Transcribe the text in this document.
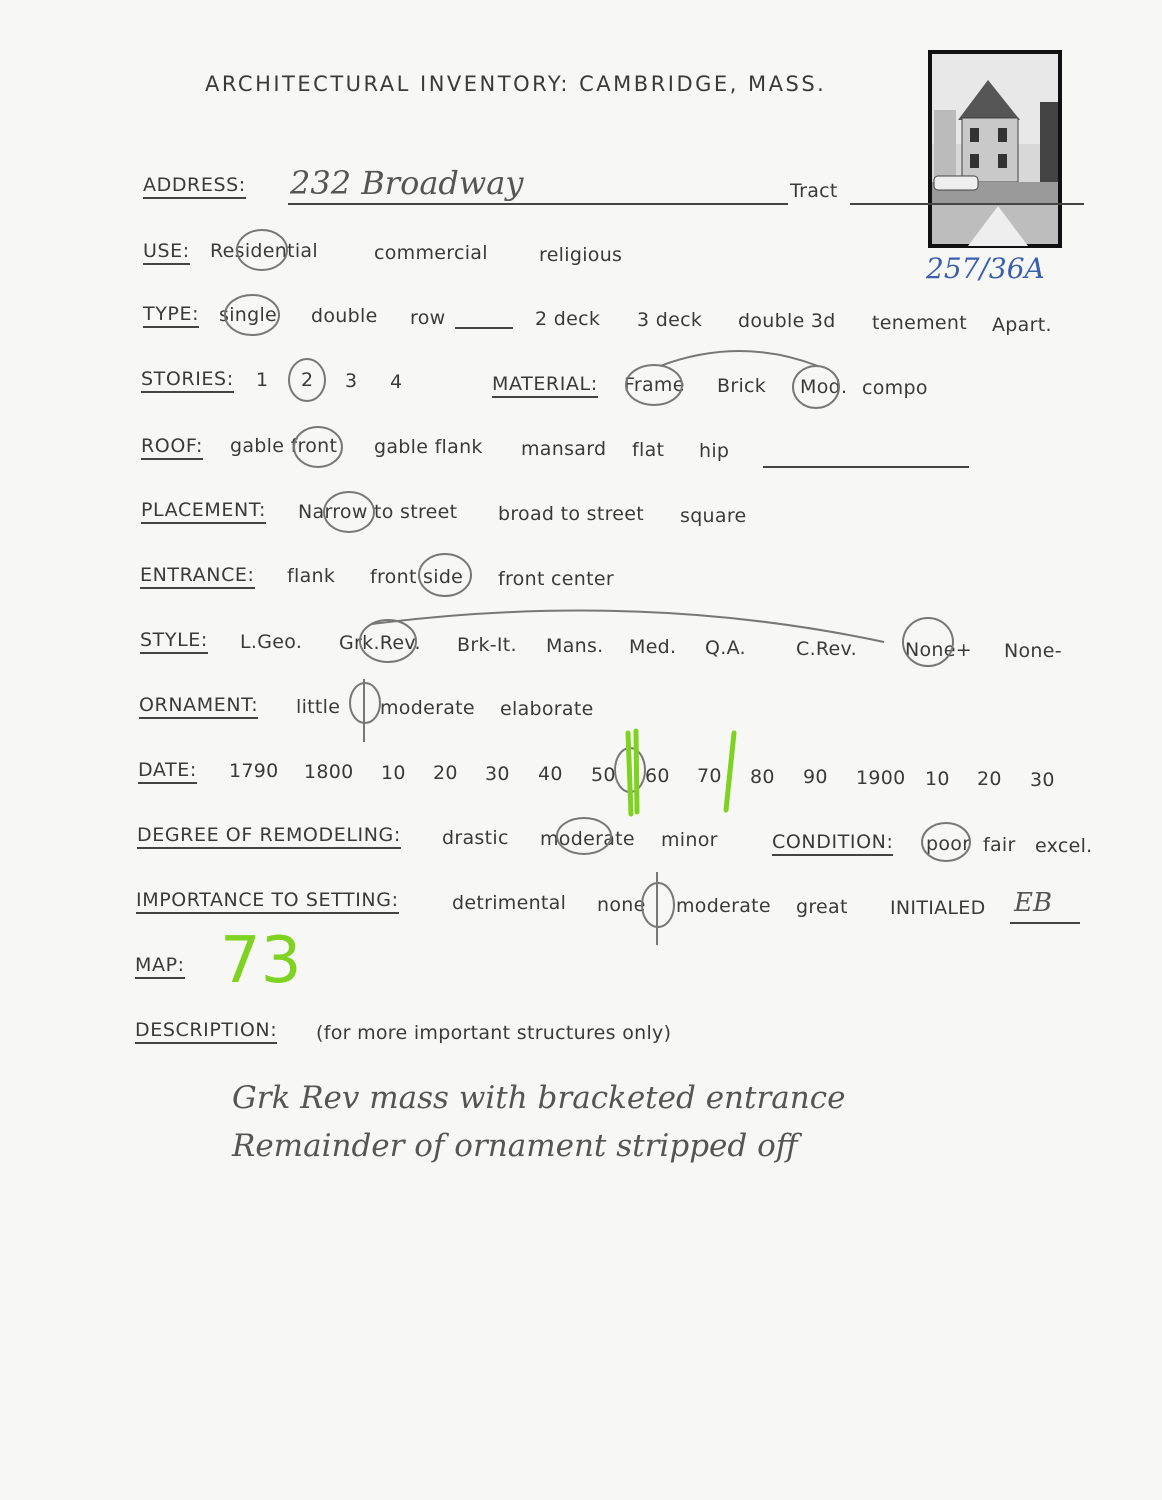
ARCHITECTURAL INVENTORY: CAMBRIDGE, MASS.
257/36A
ADDRESS: 232 Broadway	Tract
USE: Residential	commercial	religious
TYPE: single double row	2 deck 3 deck double 3d tenement Apart.
STORIES: 1 2 3 4	MATERIAL: Frame Brick Mod. compo
ROOF: gable front gable flank mansard flat hip
PLACEMENT: Narrow to street broad to street square
ENTRANCE: flank front side front center
STYLE: L.Geo. Grk.Rev. Brk-It. Mans. Med. Q.A.	C.Rev.	None+ None-
ORNAMENT: little moderate elaborate
DATE: 1790 1800 10 20 30 40 50 60 70 80 90 1900 10 20 30
DEGREE OF REMODELING: drastic moderate minor	CONDITION: poor fair excel.
IMPORTANCE TO SETTING:	detrimental none moderate great INITIALED EB
MAP: 73
DESCRIPTION: (for more important structures only)
Grk Rev mass with bracketed entrance
Remainder of ornament stripped off
